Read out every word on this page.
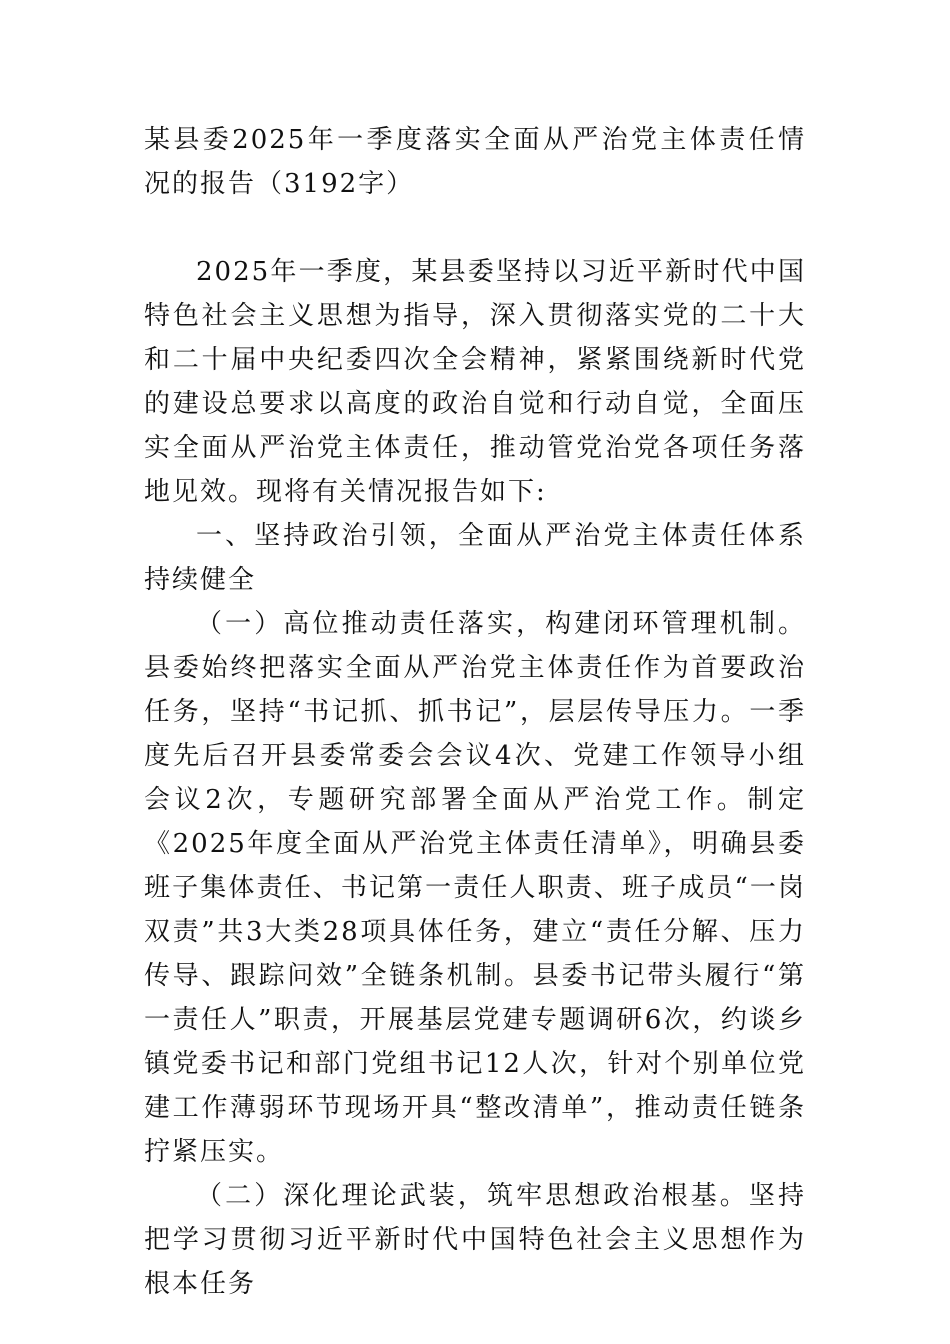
某县委2025年一季度落实全面从严治党主体责任情况的报告（3192字）

2025年一季度，某县委坚持以习近平新时代中国特色社会主义思想为指导，深入贯彻落实党的二十大和二十届中央纪委四次全会精神，紧紧围绕新时代党的建设总要求以高度的政治自觉和行动自觉，全面压实全面从严治党主体责任，推动管党治党各项任务落地见效。现将有关情况报告如下:

一、坚持政治引领，全面从严治党主体责任体系持续健全

（一）高位推动责任落实，构建闭环管理机制。县委始终把落实全面从严治党主体责任作为首要政治任务，坚持“书记抓、抓书记”，层层传导压力。一季度先后召开县委常委会会议4次、党建工作领导小组会议2次，专题研究部署全面从严治党工作。制定《2025年度全面从严治党主体责任清单》，明确县委班子集体责任、书记第一责任人职责、班子成员“一岗双责”共3大类28项具体任务，建立“责任分解、压力传导、跟踪问效”全链条机制。县委书记带头履行“第一责任人”职责，开展基层党建专题调研6次，约谈乡镇党委书记和部门党组书记12人次，针对个别单位党建工作薄弱环节现场开具“整改清单”，推动责任链条拧紧压实。

（二）深化理论武装，筑牢思想政治根基。坚持把学习贯彻习近平新时代中国特色社会主义思想作为根本任务
